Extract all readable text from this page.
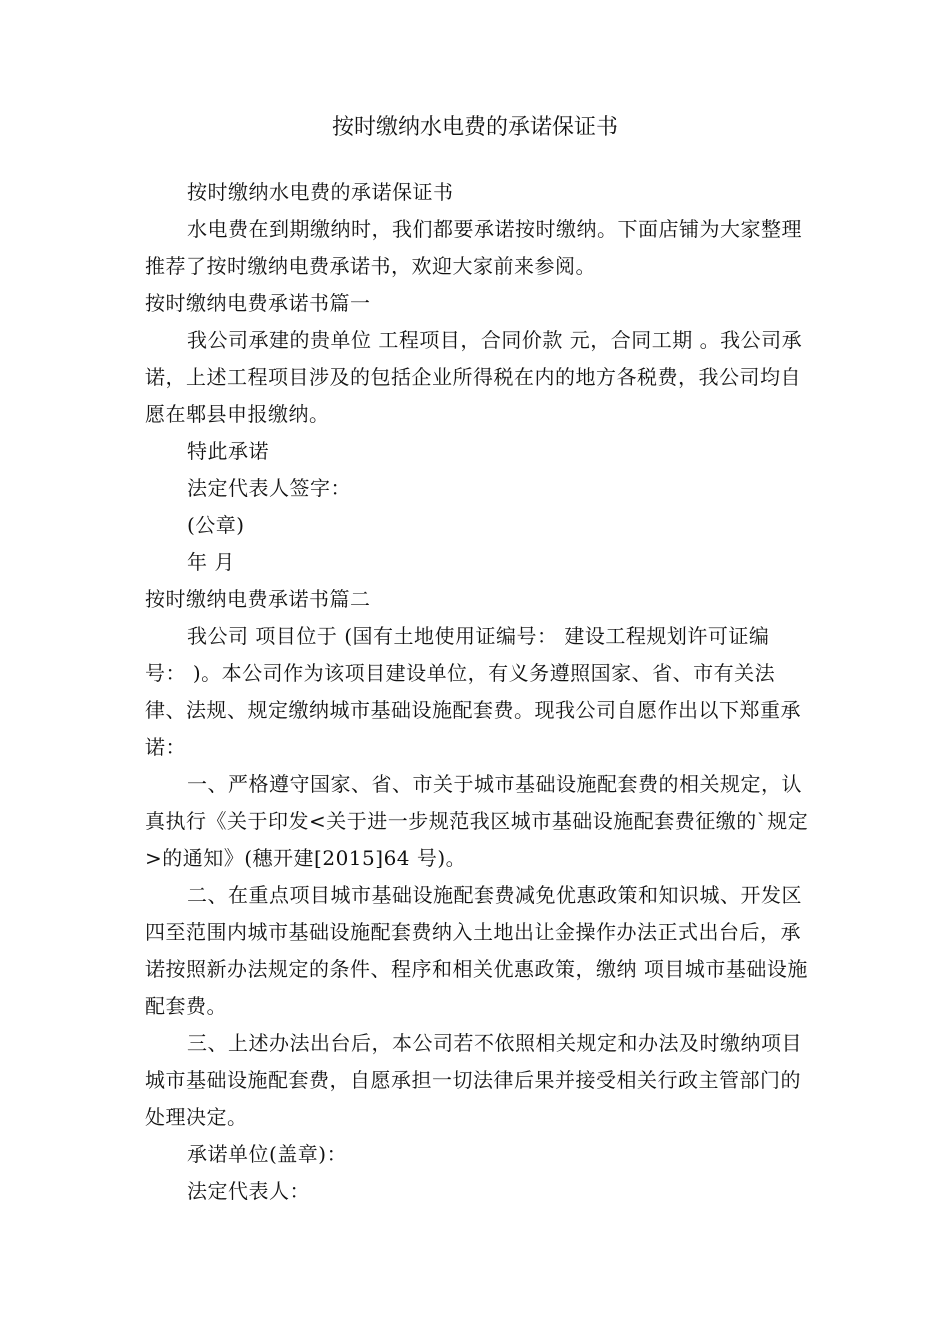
按时缴纳水电费的承诺保证书

按时缴纳水电费的承诺保证书

水电费在到期缴纳时，我们都要承诺按时缴纳。下面店铺为大家整理推荐了按时缴纳电费承诺书，欢迎大家前来参阅。

按时缴纳电费承诺书篇一

我公司承建的贵单位 工程项目，合同价款 元，合同工期 。我公司承诺，上述工程项目涉及的包括企业所得税在内的地方各税费，我公司均自愿在郫县申报缴纳。

特此承诺

法定代表人签字：

(公章)

年 月

按时缴纳电费承诺书篇二

我公司 项目位于 (国有土地使用证编号： 建设工程规划许可证编号： )。本公司作为该项目建设单位，有义务遵照国家、省、市有关法律、法规、规定缴纳城市基础设施配套费。现我公司自愿作出以下郑重承诺：

一、严格遵守国家、省、市关于城市基础设施配套费的相关规定，认真执行《关于印发<关于进一步规范我区城市基础设施配套费征缴的`规定>的通知》(穗开建[2015]64 号)。

二、在重点项目城市基础设施配套费减免优惠政策和知识城、开发区四至范围内城市基础设施配套费纳入土地出让金操作办法正式出台后，承诺按照新办法规定的条件、程序和相关优惠政策，缴纳 项目城市基础设施配套费。

三、上述办法出台后，本公司若不依照相关规定和办法及时缴纳项目城市基础设施配套费，自愿承担一切法律后果并接受相关行政主管部门的处理决定。

承诺单位(盖章)：

法定代表人：
